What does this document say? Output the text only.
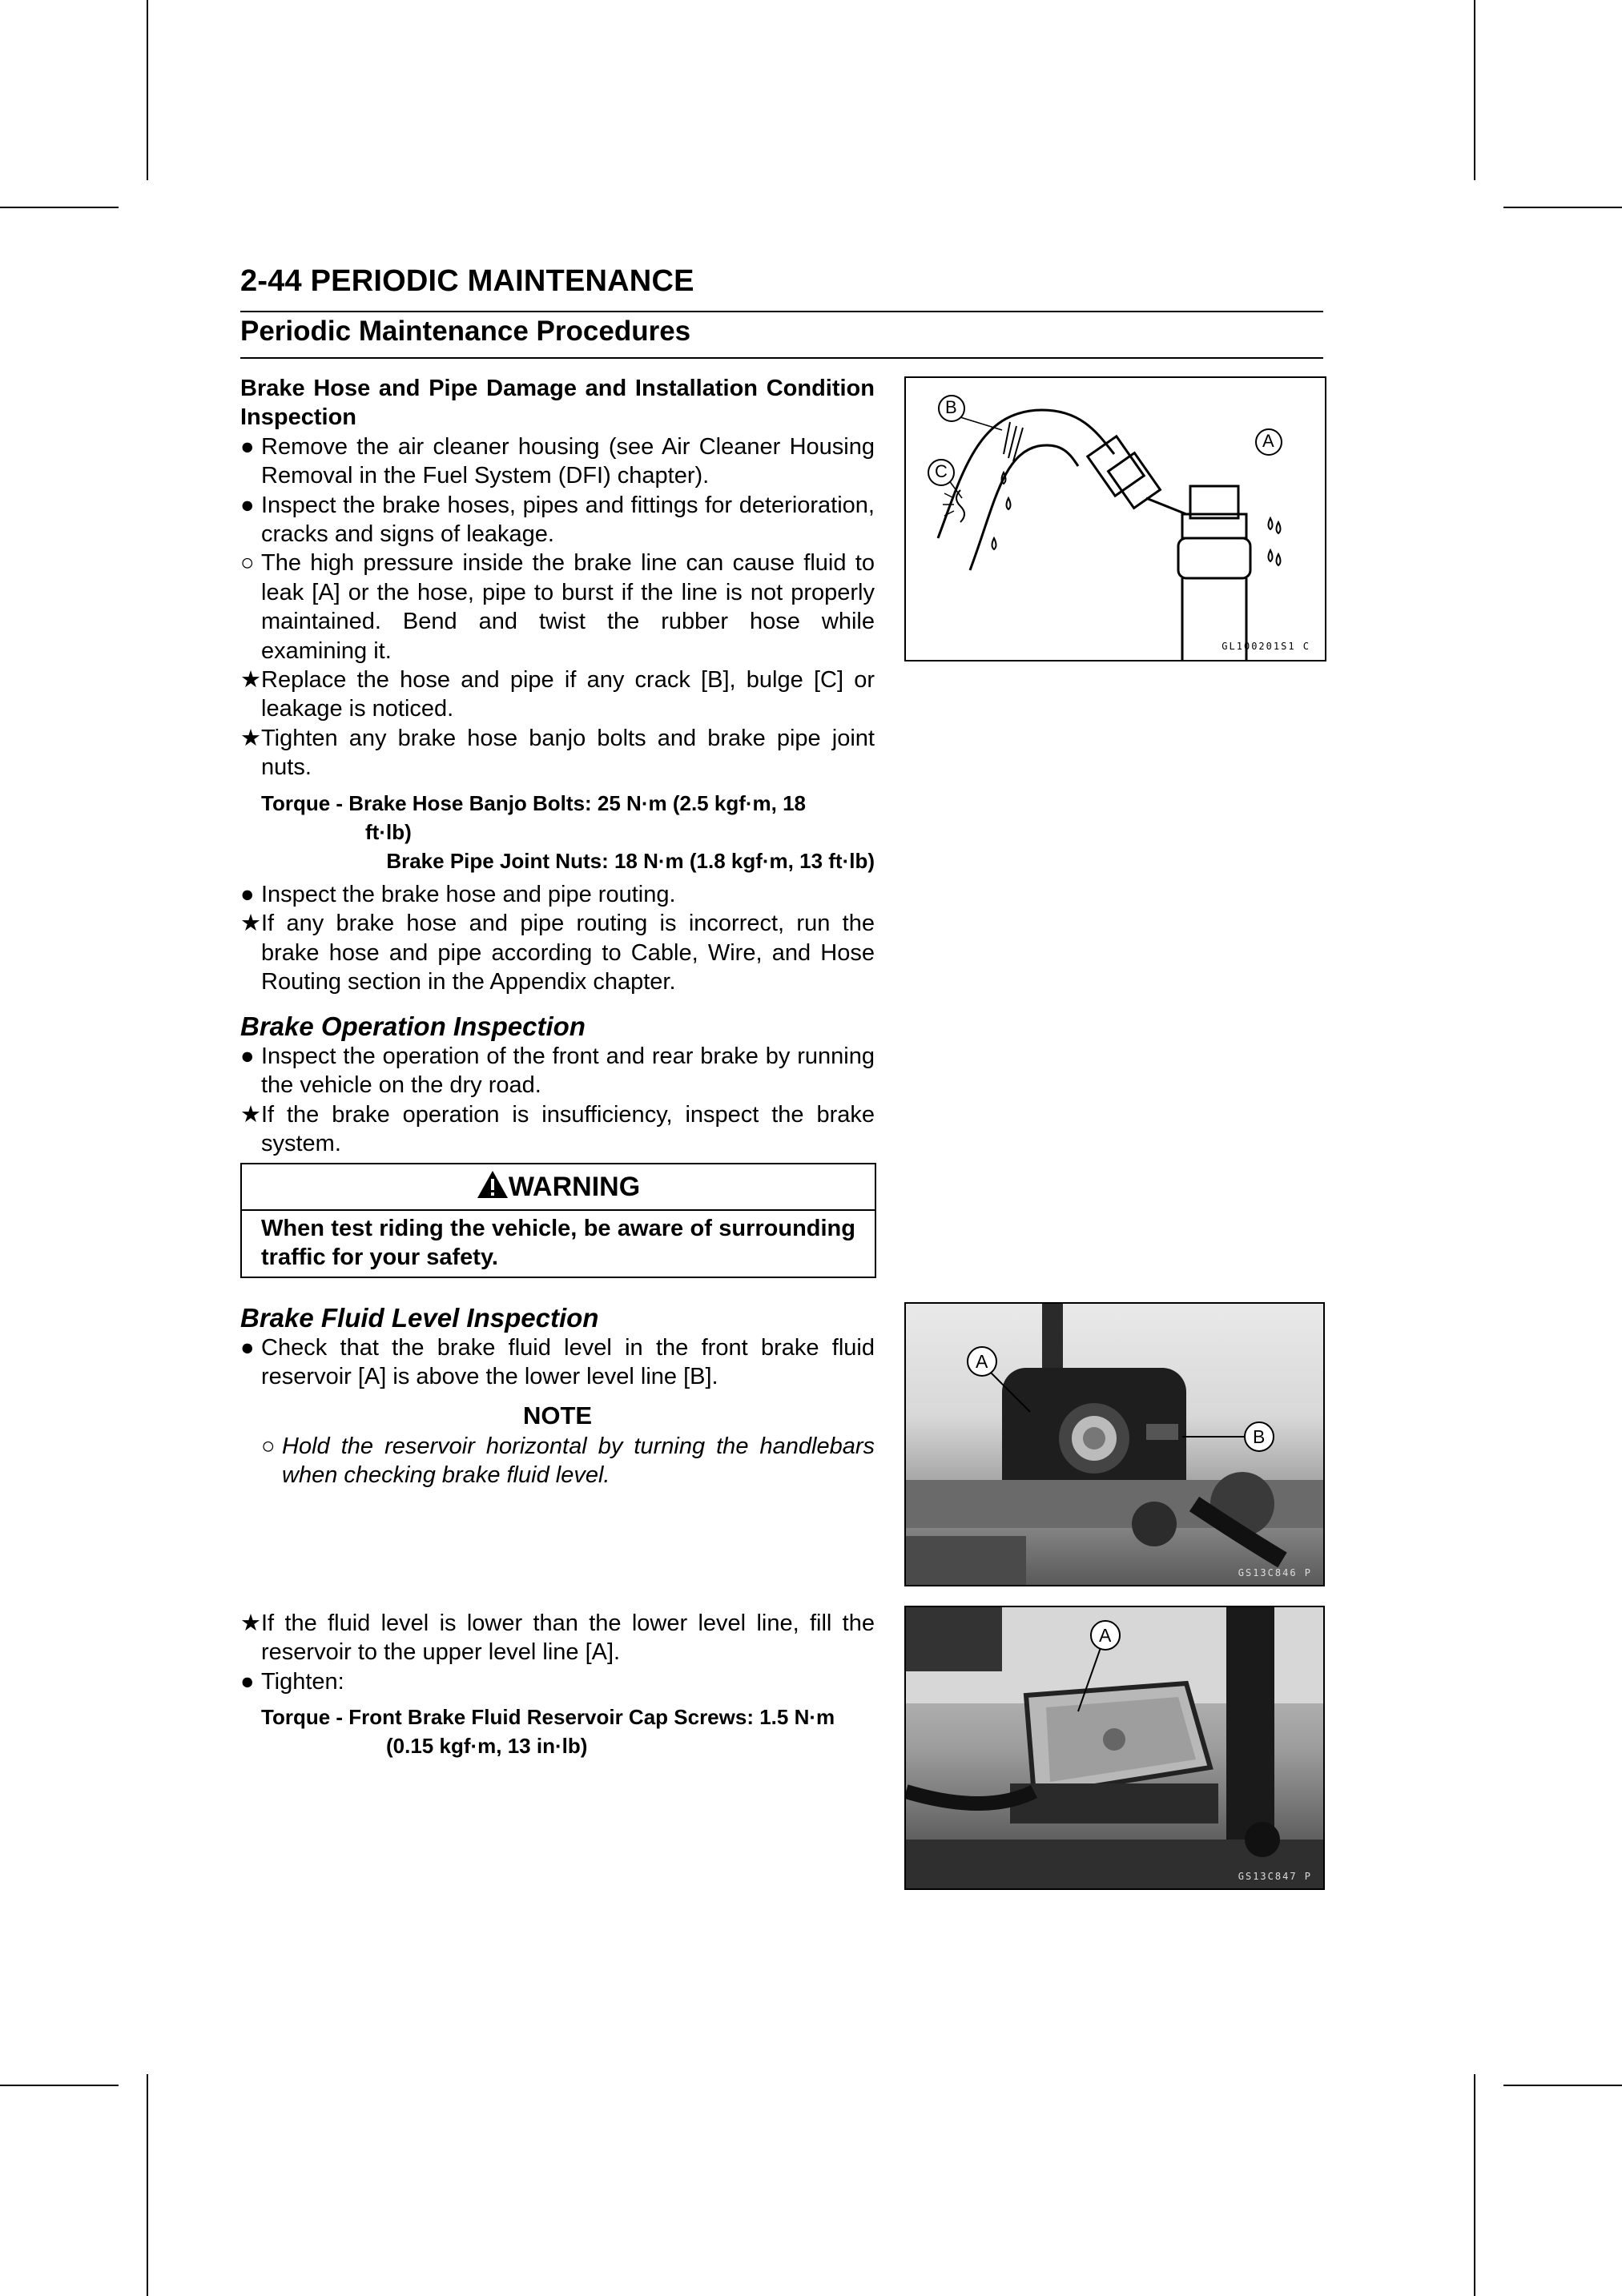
2-44 PERIODIC MAINTENANCE
Periodic Maintenance Procedures

Brake Hose and Pipe Damage and Installation Condition Inspection

● Remove the air cleaner housing (see Air Cleaner Housing Removal in the Fuel System (DFI) chapter).
● Inspect the brake hoses, pipes and fittings for deterioration, cracks and signs of leakage.
○ The high pressure inside the brake line can cause fluid to leak [A] or the hose, pipe to burst if the line is not properly maintained. Bend and twist the rubber hose while examining it.
★ Replace the hose and pipe if any crack [B], bulge [C] or leakage is noticed.
★ Tighten any brake hose banjo bolts and brake pipe joint nuts.
Torque - Brake Hose Banjo Bolts: 25 N·m (2.5 kgf·m, 18
ft·lb)
Brake Pipe Joint Nuts: 18 N·m (1.8 kgf·m, 13 ft·lb)
● Inspect the brake hose and pipe routing.
★ If any brake hose and pipe routing is incorrect, run the brake hose and pipe according to Cable, Wire, and Hose Routing section in the Appendix chapter.

Brake Operation Inspection

● Inspect the operation of the front and rear brake by running the vehicle on the dry road.
★ If the brake operation is insufficiency, inspect the brake system.
WARNING
When test riding the vehicle, be aware of surrounding traffic for your safety.

Brake Fluid Level Inspection

● Check that the brake fluid level in the front brake fluid reservoir [A] is above the lower level line [B].
NOTE
○ Hold the reservoir horizontal by turning the handlebars when checking brake fluid level.
★ If the fluid level is lower than the lower level line, fill the reservoir to the upper level line [A].
● Tighten:
Torque - Front Brake Fluid Reservoir Cap Screws: 1.5 N·m
(0.15 kgf·m, 13 in·lb)
B
A
C
GL100201S1 C
A
B
GS13C846 P
A
GS13C847 P
